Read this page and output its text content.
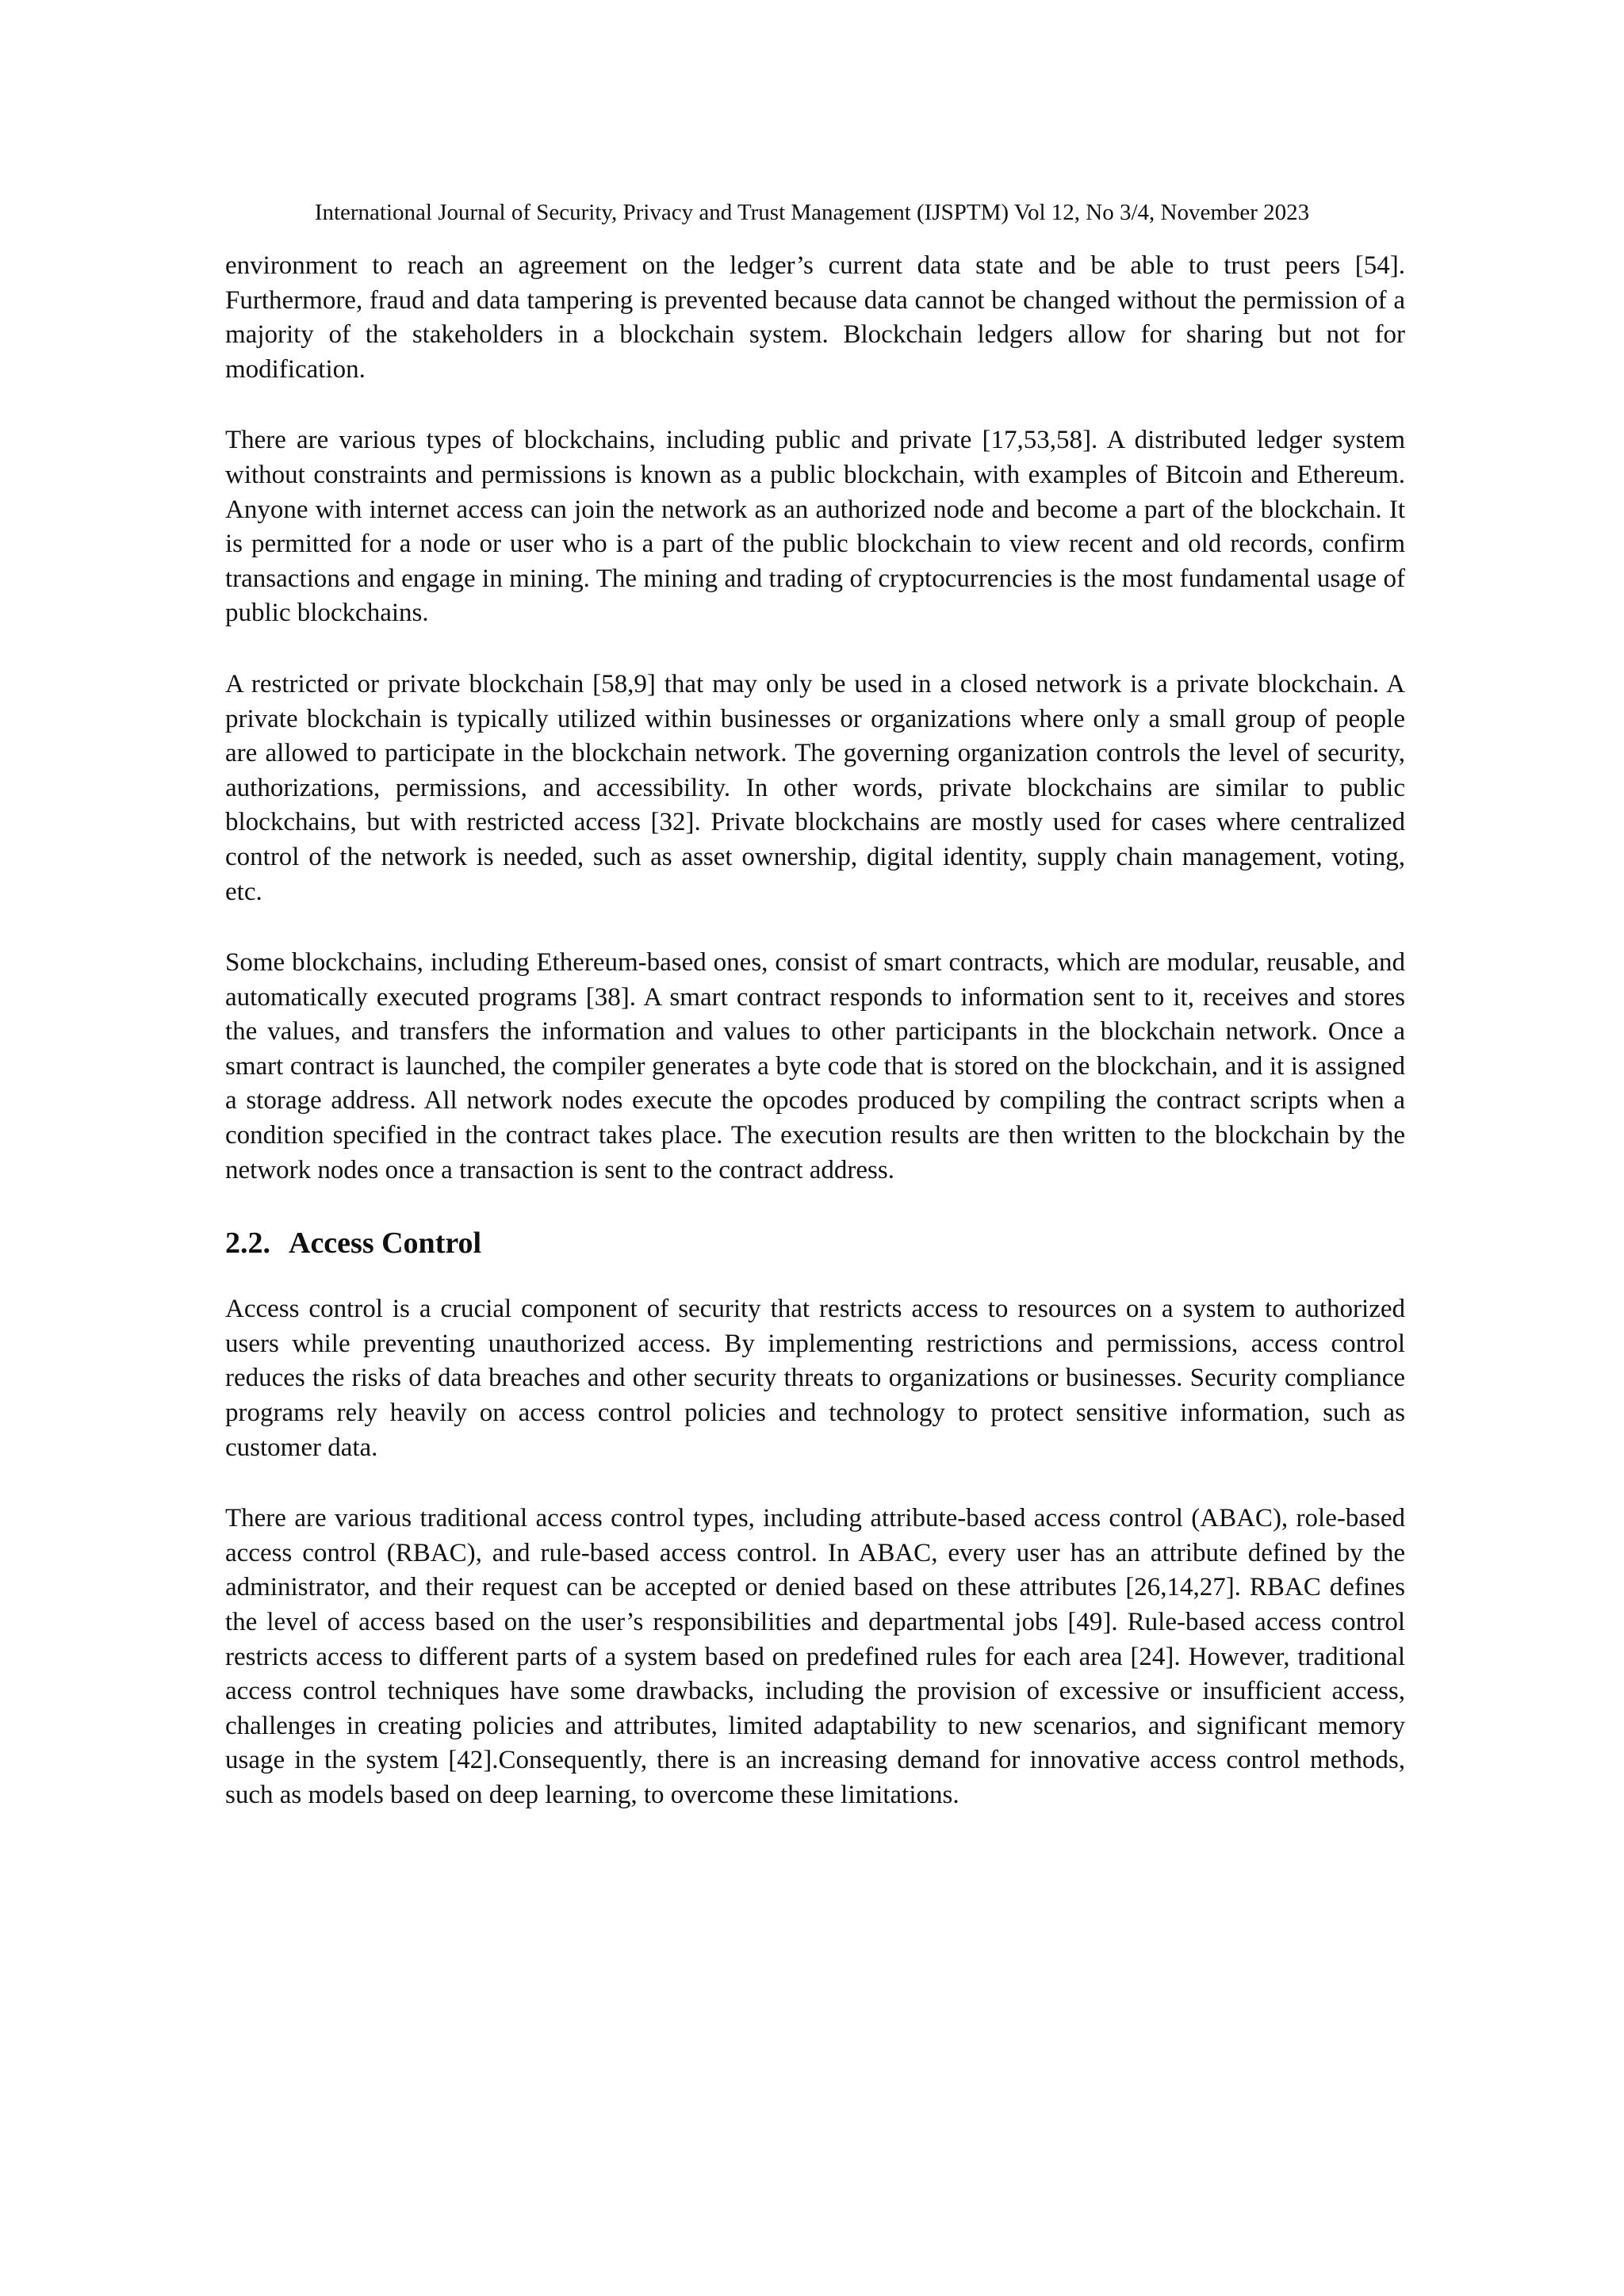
International Journal of Security, Privacy and Trust Management (IJSPTM) Vol 12, No 3/4, November 2023

environment to reach an agreement on the ledger’s current data state and be able to trust peers [54]. Furthermore, fraud and data tampering is prevented because data cannot be changed without the permission of a majority of the stakeholders in a blockchain system. Blockchain ledgers allow for sharing but not for modification.

There are various types of blockchains, including public and private [17,53,58]. A distributed ledger system without constraints and permissions is known as a public blockchain, with examples of Bitcoin and Ethereum. Anyone with internet access can join the network as an authorized node and become a part of the blockchain. It is permitted for a node or user who is a part of the public blockchain to view recent and old records, confirm transactions and engage in mining. The mining and trading of cryptocurrencies is the most fundamental usage of public blockchains.

A restricted or private blockchain [58,9] that may only be used in a closed network is a private blockchain. A private blockchain is typically utilized within businesses or organizations where only a small group of people are allowed to participate in the blockchain network. The governing organization controls the level of security, authorizations, permissions, and accessibility. In other words, private blockchains are similar to public blockchains, but with restricted access [32]. Private blockchains are mostly used for cases where centralized control of the network is needed, such as asset ownership, digital identity, supply chain management, voting, etc.

Some blockchains, including Ethereum-based ones, consist of smart contracts, which are modular, reusable, and automatically executed programs [38]. A smart contract responds to information sent to it, receives and stores the values, and transfers the information and values to other participants in the blockchain network. Once a smart contract is launched, the compiler generates a byte code that is stored on the blockchain, and it is assigned a storage address. All network nodes execute the opcodes produced by compiling the contract scripts when a condition specified in the contract takes place. The execution results are then written to the blockchain by the network nodes once a transaction is sent to the contract address.

2.2. Access Control

Access control is a crucial component of security that restricts access to resources on a system to authorized users while preventing unauthorized access. By implementing restrictions and permissions, access control reduces the risks of data breaches and other security threats to organizations or businesses. Security compliance programs rely heavily on access control policies and technology to protect sensitive information, such as customer data.

There are various traditional access control types, including attribute-based access control (ABAC), role-based access control (RBAC), and rule-based access control. In ABAC, every user has an attribute defined by the administrator, and their request can be accepted or denied based on these attributes [26,14,27]. RBAC defines the level of access based on the user’s responsibilities and departmental jobs [49]. Rule-based access control restricts access to different parts of a system based on predefined rules for each area [24]. However, traditional access control techniques have some drawbacks, including the provision of excessive or insufficient access, challenges in creating policies and attributes, limited adaptability to new scenarios, and significant memory usage in the system [42].Consequently, there is an increasing demand for innovative access control methods, such as models based on deep learning, to overcome these limitations.
